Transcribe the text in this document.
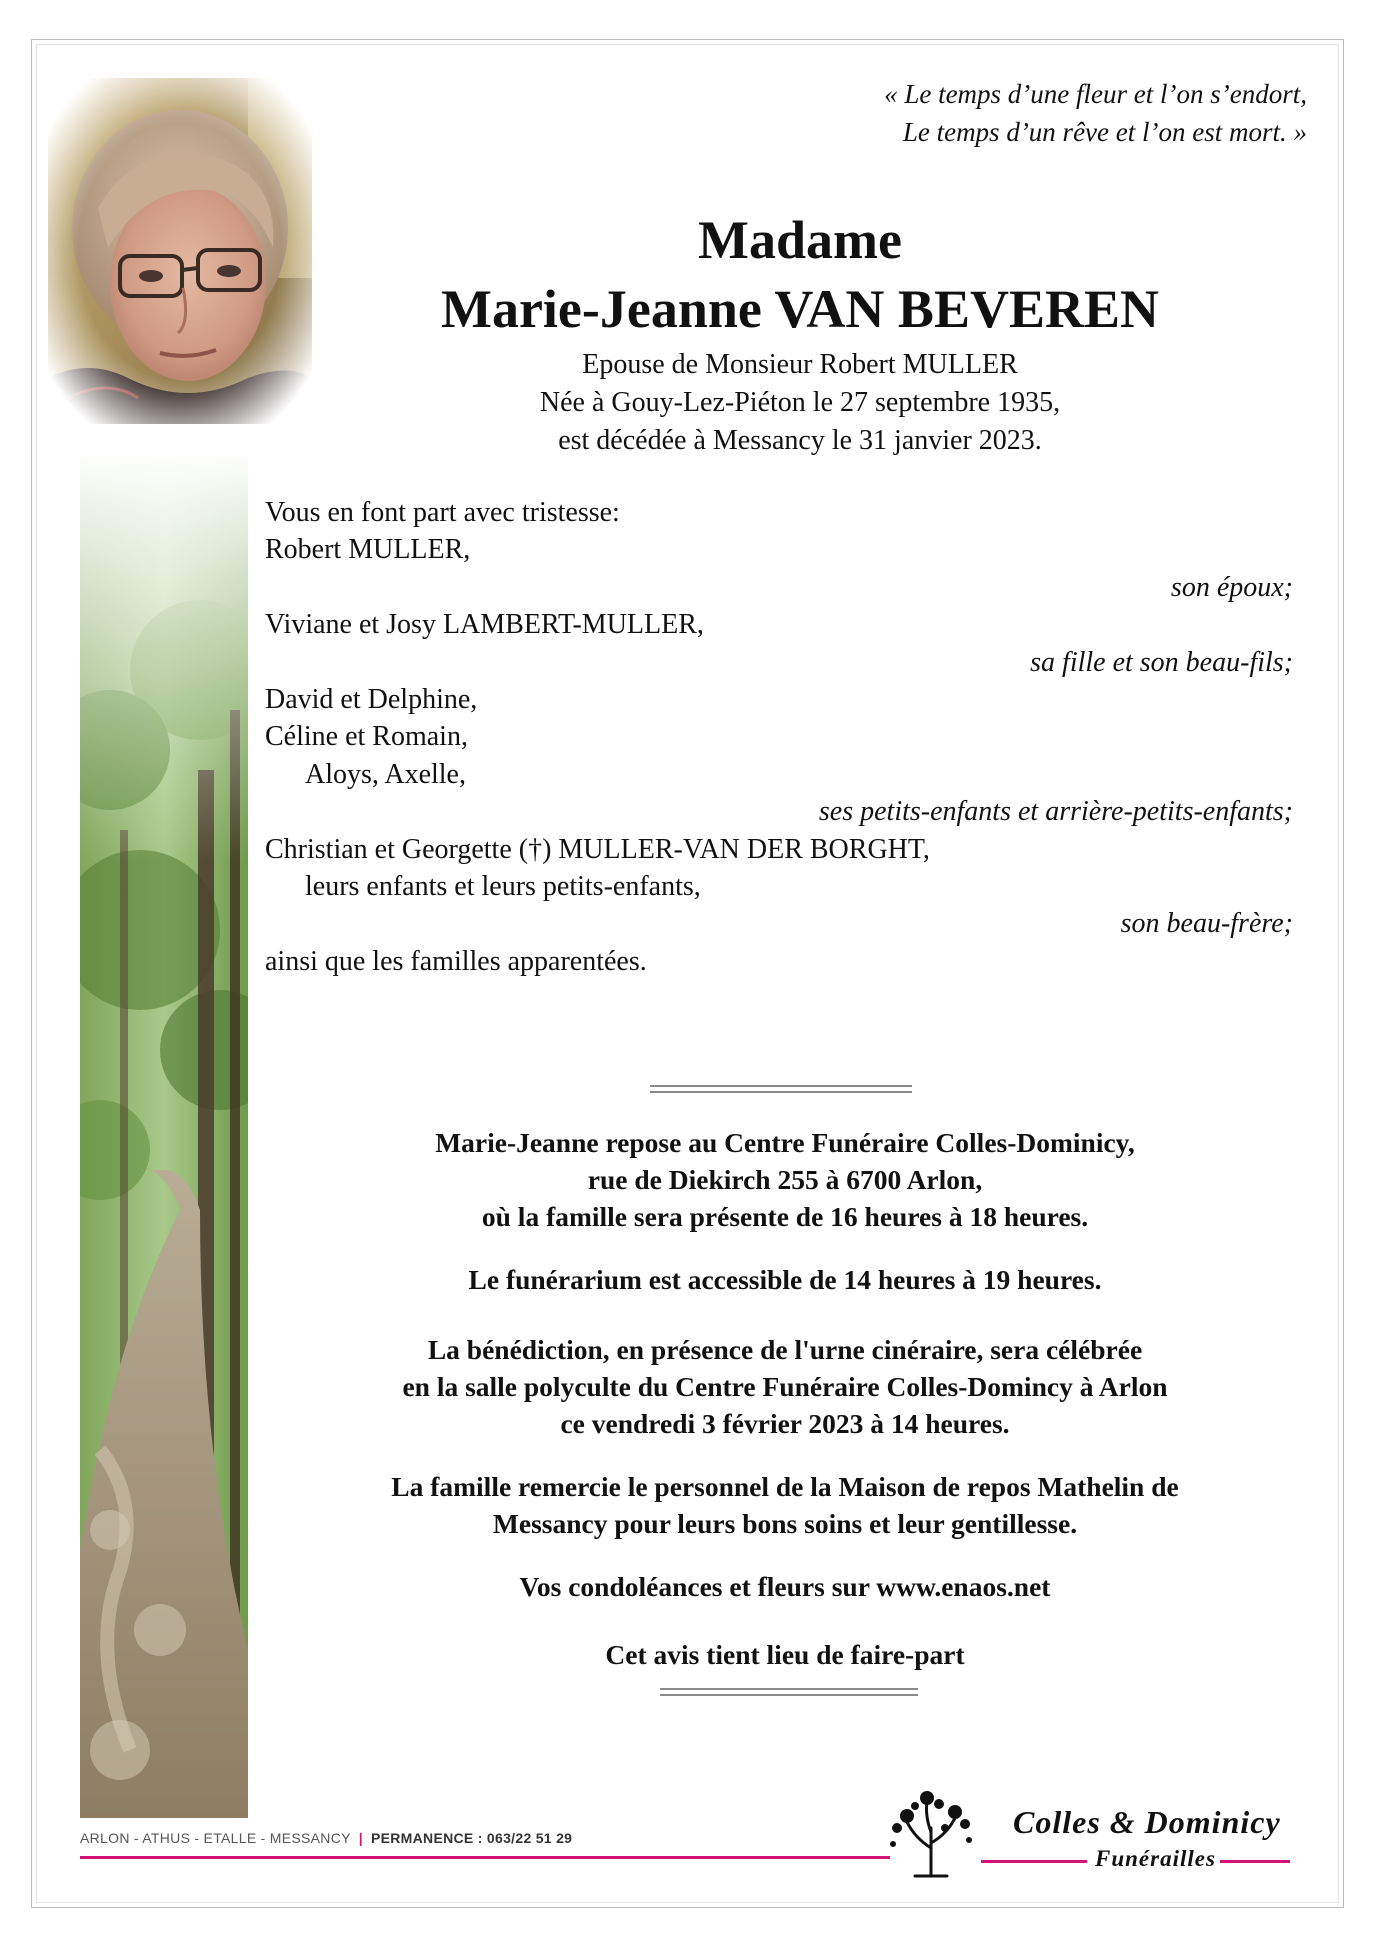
« Le temps d’une fleur et l’on s’endort,
Le temps d’un rêve et l’on est mort. »
Madame
Marie-Jeanne VAN BEVEREN
Epouse de Monsieur Robert MULLER
Née à Gouy-Lez-Piéton le 27 septembre 1935,
est décédée à Messancy le 31 janvier 2023.
Vous en font part avec tristesse:
Robert MULLER,
son époux;
Viviane et Josy LAMBERT-MULLER,
sa fille et son beau-fils;
David et Delphine,
Céline et Romain,
Aloys, Axelle,
ses petits-enfants et arrière-petits-enfants;
Christian et Georgette (†) MULLER-VAN DER BORGHT,
leurs enfants et leurs petits-enfants,
son beau-frère;
ainsi que les familles apparentées.
Marie-Jeanne repose au Centre Funéraire Colles-Dominicy,
rue de Diekirch 255 à 6700 Arlon,
où la famille sera présente de 16 heures à 18 heures.
Le funérarium est accessible de 14 heures à 19 heures.
La bénédiction, en présence de l'urne cinéraire, sera célébrée
en la salle polyculte du Centre Funéraire Colles-Domincy à Arlon
ce vendredi 3 février 2023 à 14 heures.
La famille remercie le personnel de la Maison de repos Mathelin de
Messancy pour leurs bons soins et leur gentillesse.
Vos condoléances et fleurs sur www.enaos.net
Cet avis tient lieu de faire-part
ARLON - ATHUS - ETALLE - MESSANCY | PERMANENCE : 063/22 51 29	Colles & Dominicy
Funérailles
